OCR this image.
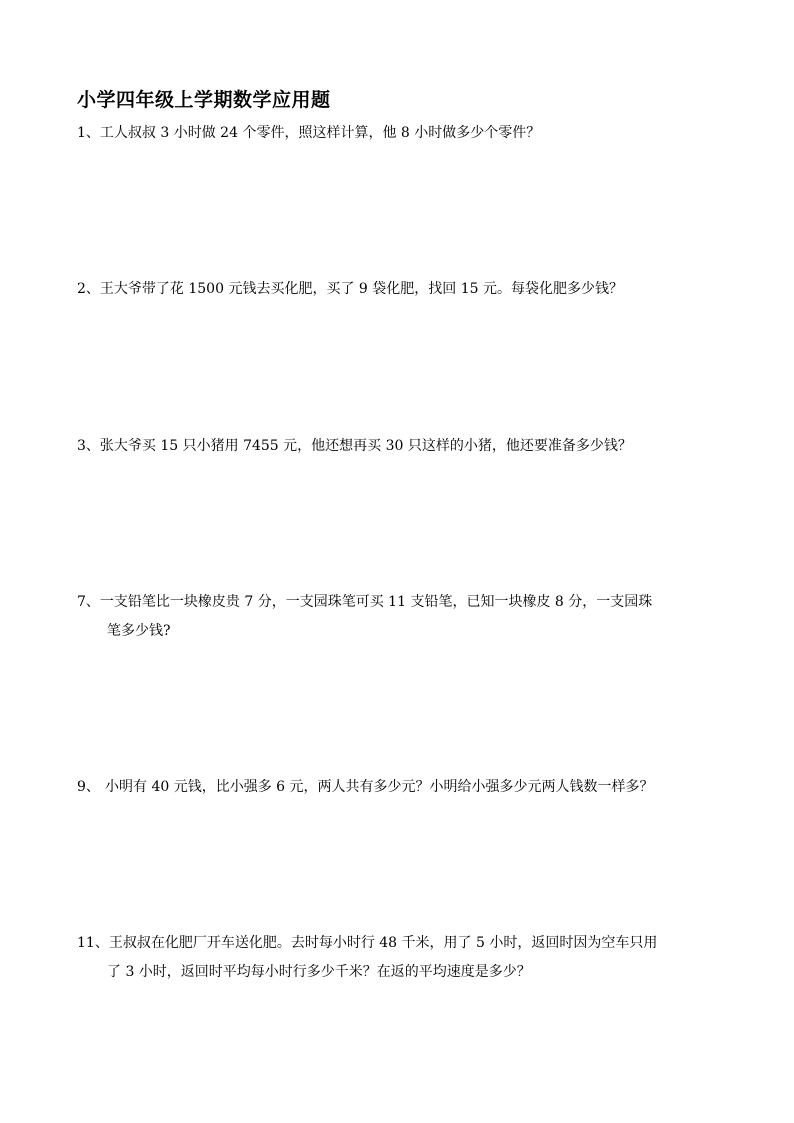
小学四年级上学期数学应用题
1、工人叔叔 3 小时做 24 个零件，照这样计算，他 8 小时做多少个零件？
2、王大爷带了花 1500 元钱去买化肥，买了 9 袋化肥，找回 15 元。每袋化肥多少钱？
3、张大爷买 15 只小猪用 7455 元，他还想再买 30 只这样的小猪，他还要准备多少钱？
7、一支铅笔比一块橡皮贵 7 分，一支园珠笔可买 11 支铅笔，已知一块橡皮 8 分，一支园珠
笔多少钱?
9、 小明有 40 元钱，比小强多 6 元，两人共有多少元？小明给小强多少元两人钱数一样多？
11、王叔叔在化肥厂开车送化肥。去时每小时行 48 千米，用了 5 小时，返回时因为空车只用
了 3 小时，返回时平均每小时行多少千米？在返的平均速度是多少？
